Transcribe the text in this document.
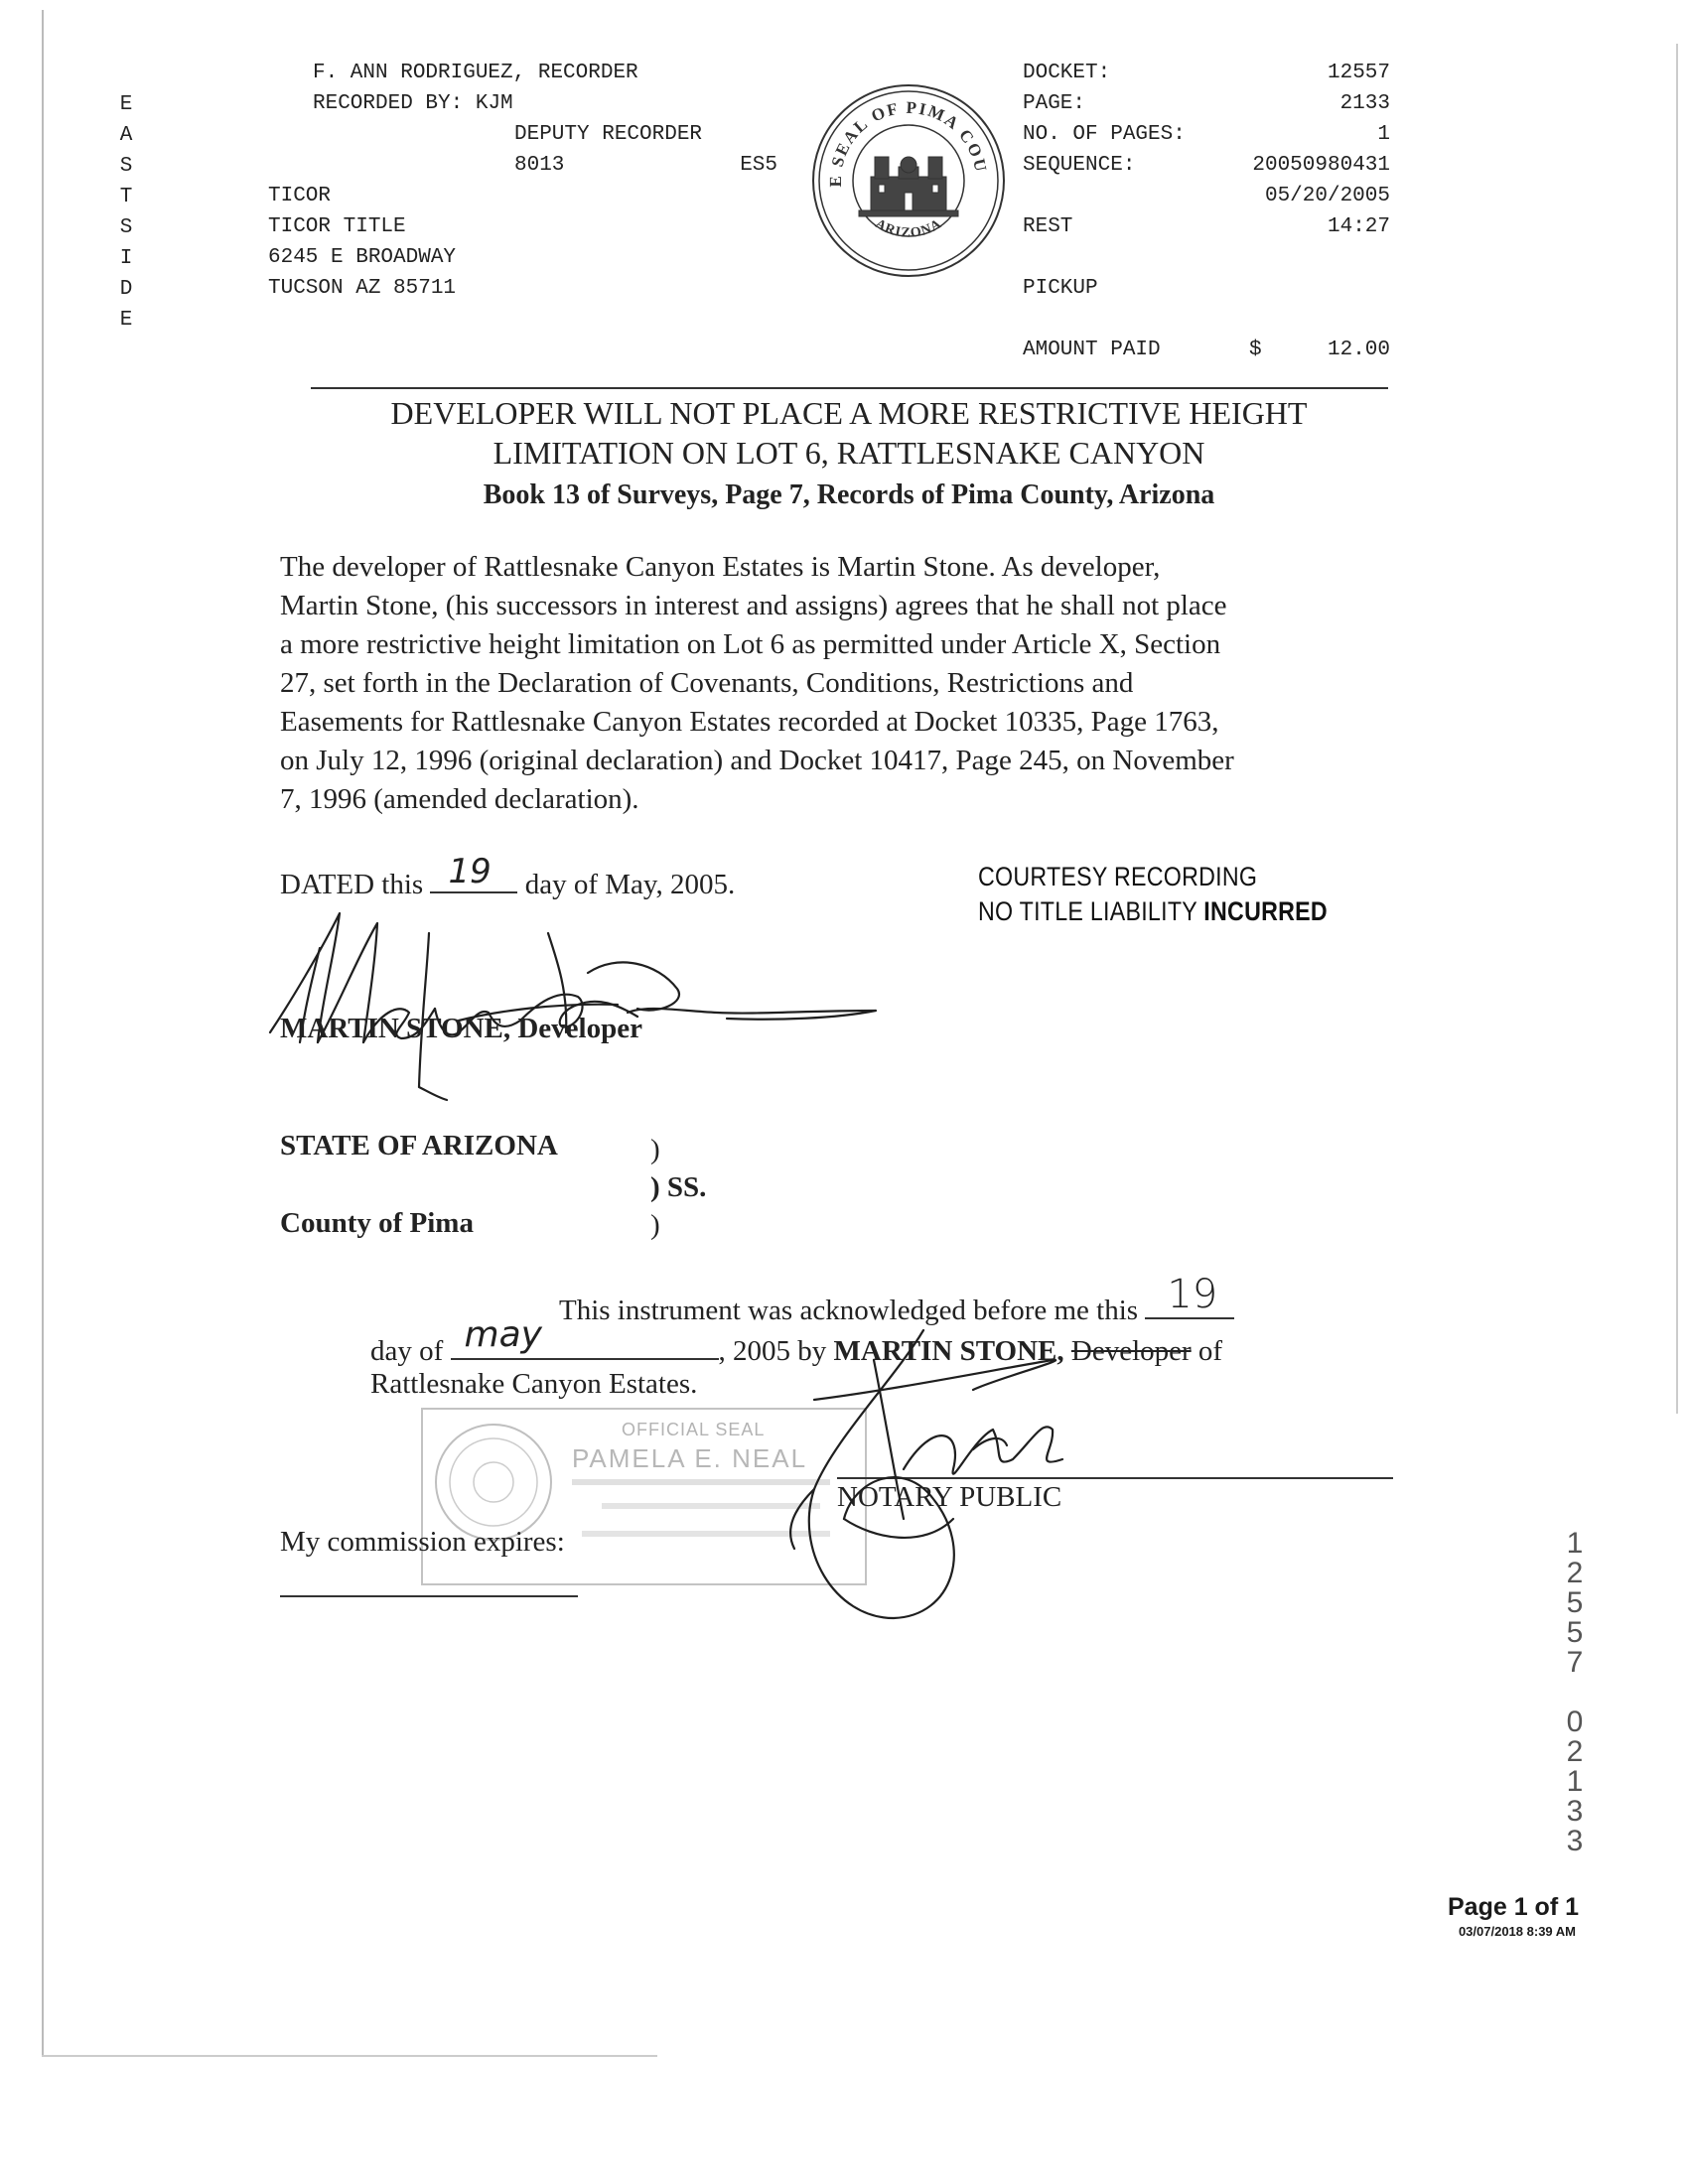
E
A
S
T
S
I
D
E
F. ANN RODRIGUEZ, RECORDER
RECORDED BY: KJM
DEPUTY RECORDER
8013	ES5
TICOR
TICOR TITLE
6245 E BROADWAY
TUCSON AZ 85711
E SEAL OF PIMA COU
ARIZONA
DOCKET:	12557
PAGE:	2133
NO. OF PAGES:	1
SEQUENCE:	20050980431
05/20/2005
REST	14:27
PICKUP
AMOUNT PAID	$	12.00
DEVELOPER WILL NOT PLACE A MORE RESTRICTIVE HEIGHT
LIMITATION ON LOT 6, RATTLESNAKE CANYON
Book 13 of Surveys, Page 7, Records of Pima County, Arizona
The developer of Rattlesnake Canyon Estates is Martin Stone. As developer,
Martin Stone, (his successors in interest and assigns) agrees that he shall not place
a more restrictive height limitation on Lot 6 as permitted under Article X, Section
27, set forth in the Declaration of Covenants, Conditions, Restrictions and
Easements for Rattlesnake Canyon Estates recorded at Docket 10335, Page 1763,
on July 12, 1996 (original declaration) and Docket 10417, Page 245, on November
7, 1996 (amended declaration).
DATED this 19 day of May, 2005.	COURTESY RECORDING
NO TITLE LIABILITY INCURRED
MARTIN STONE, Developer
STATE OF ARIZONA
County of Pima
)
) SS.
)
This instrument was acknowledged before me this 19
day of may	, 2005 by MARTIN STONE, Developer of
Rattlesnake Canyon Estates.
OFFICIAL SEAL
PAMELA E. NEAL
NOTARY PUBLIC
My commission expires:	1
2
5
5
7
0
2
1
3
3
Page 1 of 1
03/07/2018 8:39 AM
